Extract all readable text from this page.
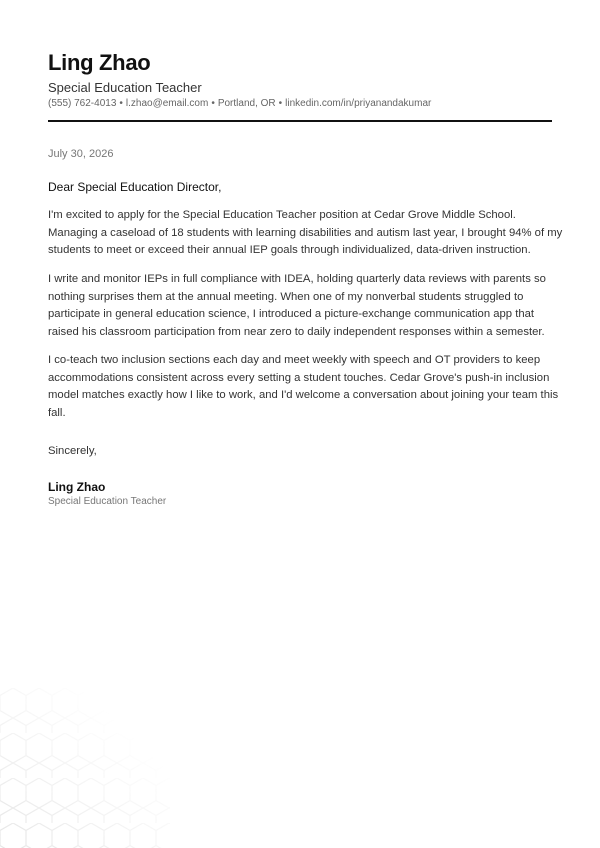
Ling Zhao
Special Education Teacher
(555) 762-4013 • l.zhao@email.com • Portland, OR • linkedin.com/in/priyanandakumar
July 30, 2026
Dear Special Education Director,
I'm excited to apply for the Special Education Teacher position at Cedar Grove Middle School.
Managing a caseload of 18 students with learning disabilities and autism last year, I brought 94% of my
students to meet or exceed their annual IEP goals through individualized, data-driven instruction.
I write and monitor IEPs in full compliance with IDEA, holding quarterly data reviews with parents so
nothing surprises them at the annual meeting. When one of my nonverbal students struggled to
participate in general education science, I introduced a picture-exchange communication app that
raised his classroom participation from near zero to daily independent responses within a semester.
I co-teach two inclusion sections each day and meet weekly with speech and OT providers to keep
accommodations consistent across every setting a student touches. Cedar Grove's push-in inclusion
model matches exactly how I like to work, and I'd welcome a conversation about joining your team this
fall.
Sincerely,
Ling Zhao
Special Education Teacher
